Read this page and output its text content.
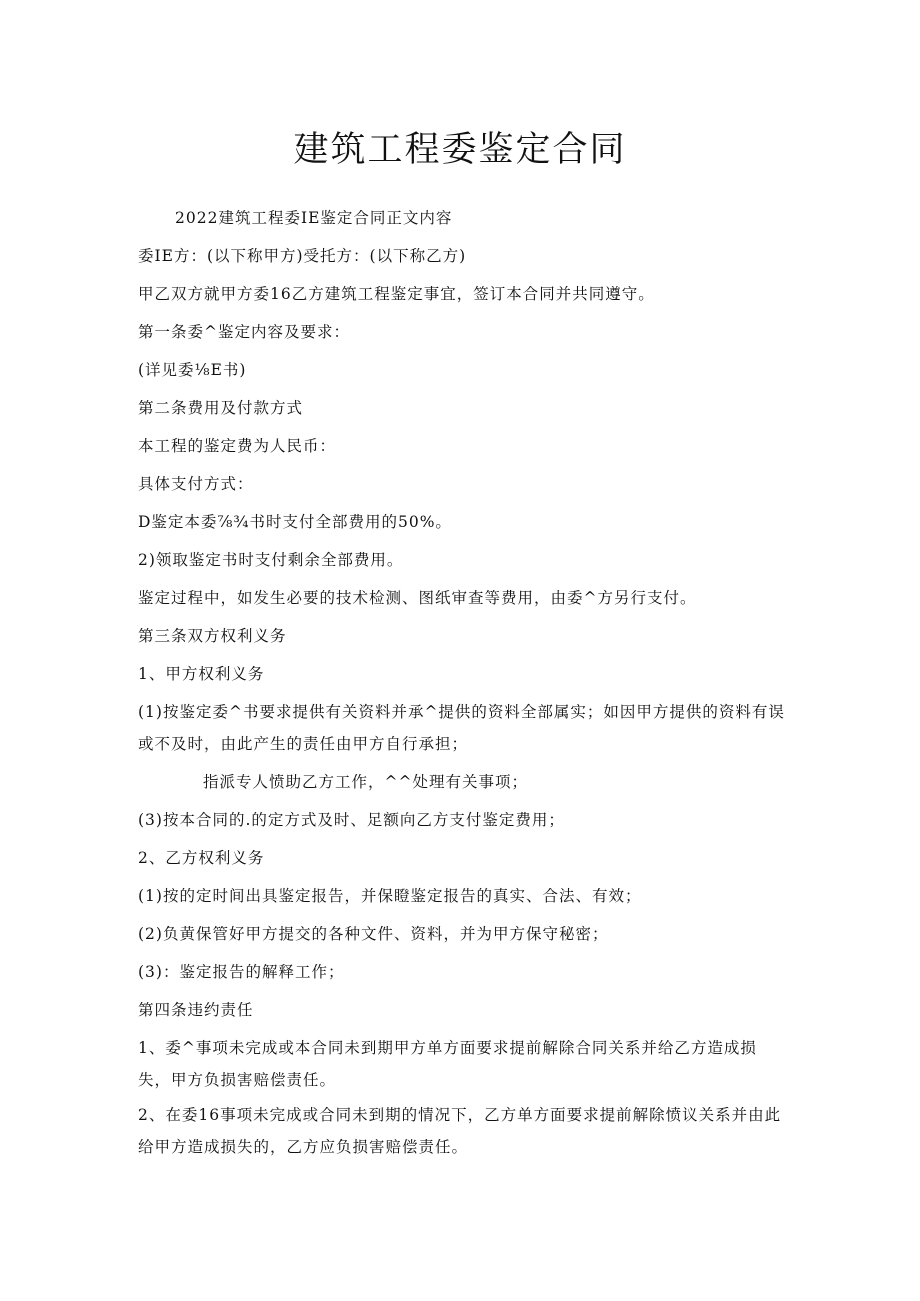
建筑工程委鉴定合同

2022建筑工程委IE鉴定合同正文内容

委IE方：(以下称甲方)受托方：(以下称乙方)

甲乙双方就甲方委16乙方建筑工程鉴定事宜，签订本合同并共同遵守。

第一条委^鉴定内容及要求：

(详见委⅛E书)

第二条费用及付款方式

本工程的鉴定费为人民币：

具体支付方式：

D鉴定本委⅞¾书时支付全部费用的50%。

2)领取鉴定书时支付剩余全部费用。

鉴定过程中，如发生必要的技术检测、图纸审查等费用，由委^方另行支付。

第三条双方权利义务

1、甲方权利义务

(1)按鉴定委^书要求提供有关资料并承^提供的资料全部属实；如因甲方提供的资料有误或不及时，由此产生的责任由甲方自行承担；

指派专人愤助乙方工作，^^处理有关事项；

(3)按本合同的.的定方式及时、足额向乙方支付鉴定费用；

2、乙方权利义务

(1)按的定时间出具鉴定报告，并保瞪鉴定报告的真实、合法、有效；

(2)负黄保管好甲方提交的各种文件、资料，并为甲方保守秘密；

(3)：鉴定报告的解释工作；

第四条违约责任

1、委^事项未完成或本合同未到期甲方单方面要求提前解除合同关系并给乙方造成损失，甲方负损害赔偿责任。

2、在委16事项未完成或合同未到期的情况下，乙方单方面要求提前解除愤议关系并由此给甲方造成损失的，乙方应负损害赔偿责任。
